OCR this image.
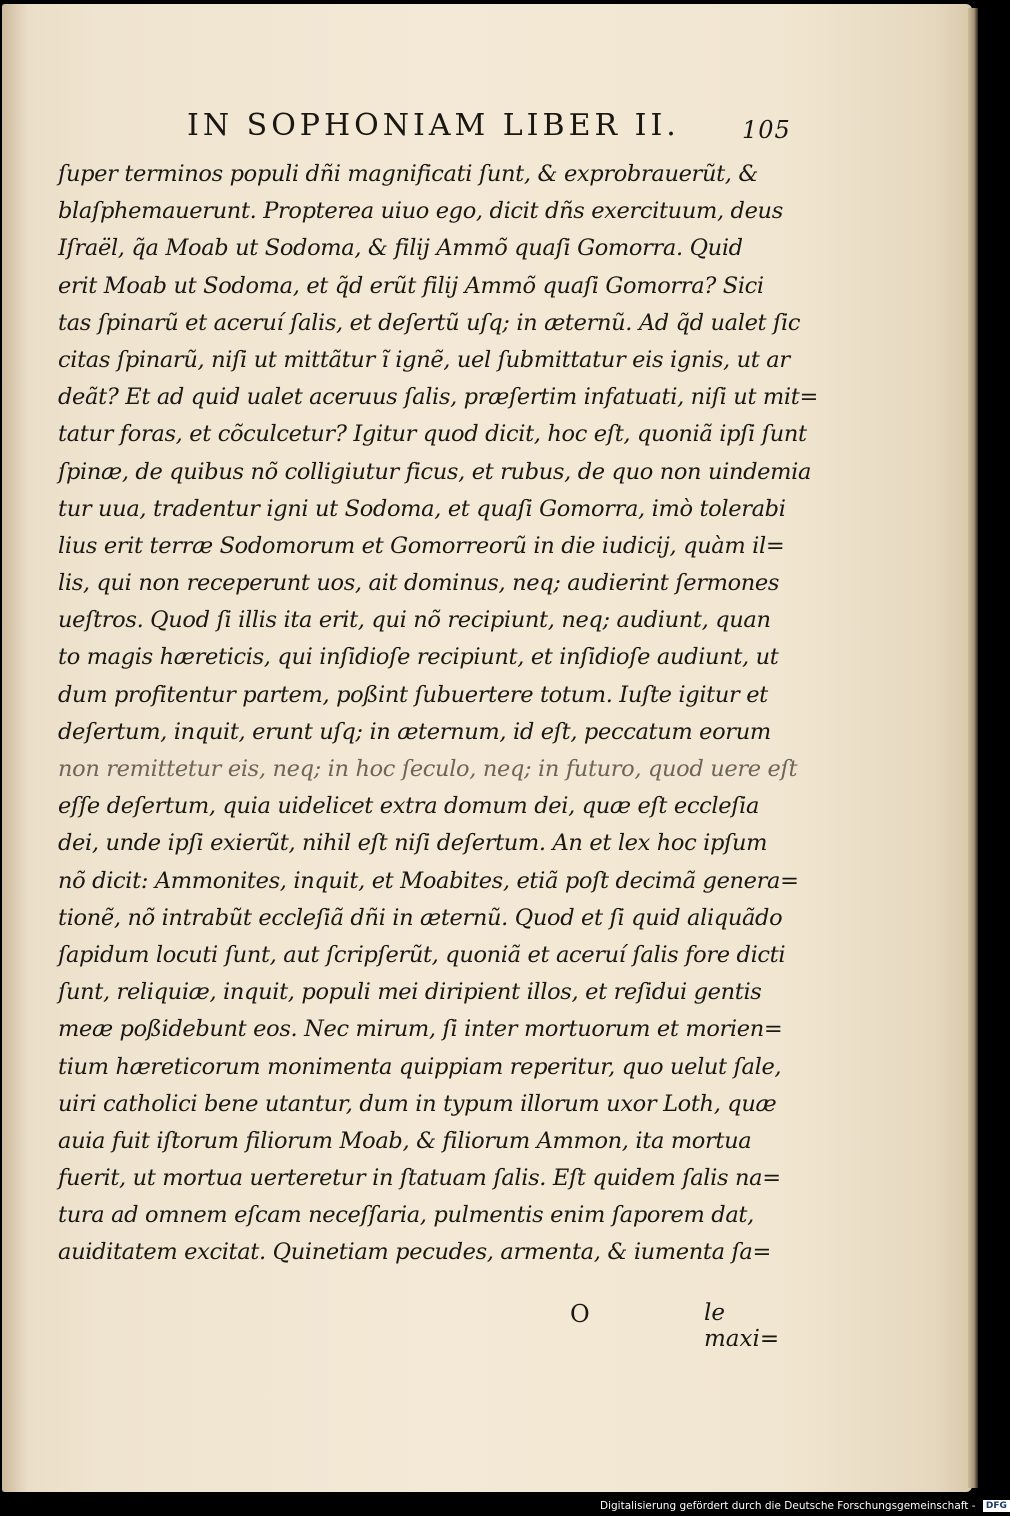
IN SOPHONIAM LIBER II.	105
ſuper terminos populi dñi magnificati ſunt, & exprobrauerũt, &
blaſphemauerunt. Propterea uiuo ego, dicit dñs exercituum, deus
Iſraël, q̃a Moab ut Sodoma, & filij Ammõ quaſi Gomorra. Quid
erit Moab ut Sodoma, et q̃d erũt filij Ammõ quaſi Gomorra? Sici
tas ſpinarũ et aceruí ſalis, et deſertũ uſq; in æternũ. Ad q̃d ualet ſic
citas ſpinarũ, niſi ut mittãtur ĩ ignẽ, uel ſubmittatur eis ignis, ut ar
deãt? Et ad quid ualet aceruus ſalis, præſertim infatuati, niſi ut mit=
tatur foras, et cõculcetur? Igitur quod dicit, hoc eſt, quoniã ipſi ſunt
ſpinæ, de quibus nõ colligiutur ficus, et rubus, de quo non uindemia
tur uua, tradentur igni ut Sodoma, et quaſi Gomorra, imò tolerabi
lius erit terræ Sodomorum et Gomorreorũ in die iudicij, quàm il=
lis, qui non receperunt uos, ait dominus, neq; audierint ſermones
ueſtros. Quod ſi illis ita erit, qui nõ recipiunt, neq; audiunt, quan
to magis hæreticis, qui inſidioſe recipiunt, et inſidioſe audiunt, ut
dum profitentur partem, poßint ſubuertere totum. Iuſte igitur et
deſertum, inquit, erunt uſq; in æternum, id eſt, peccatum eorum
non remittetur eis, neq; in hoc ſeculo, neq; in futuro, quod uere eſt
eſſe deſertum, quia uidelicet extra domum dei, quæ eſt eccleſia
dei, unde ipſi exierũt, nihil eſt niſi deſertum. An et lex hoc ipſum
nõ dicit: Ammonites, inquit, et Moabites, etiã poſt decimã genera=
tionẽ, nõ intrabũt eccleſiã dñi in æternũ. Quod et ſi quid aliquãdo
ſapidum locuti ſunt, aut ſcripſerũt, quoniã et aceruí ſalis fore dicti
ſunt, reliquiæ, inquit, populi mei diripient illos, et reſidui gentis
meæ poßidebunt eos. Nec mirum, ſi inter mortuorum et morien=
tium hæreticorum monimenta quippiam reperitur, quo uelut ſale,
uiri catholici bene utantur, dum in typum illorum uxor Loth, quæ
auia fuit iſtorum filiorum Moab, & filiorum Ammon, ita mortua
fuerit, ut mortua uerteretur in ſtatuam ſalis. Eſt quidem ſalis na=
tura ad omnem eſcam neceſſaria, pulmentis enim ſaporem dat,
auiditatem excitat. Quinetiam pecudes, armenta, & iumenta ſa=
O	le maxi=
Digitalisierung gefördert durch die Deutsche Forschungsgemeinschaft - DFG
